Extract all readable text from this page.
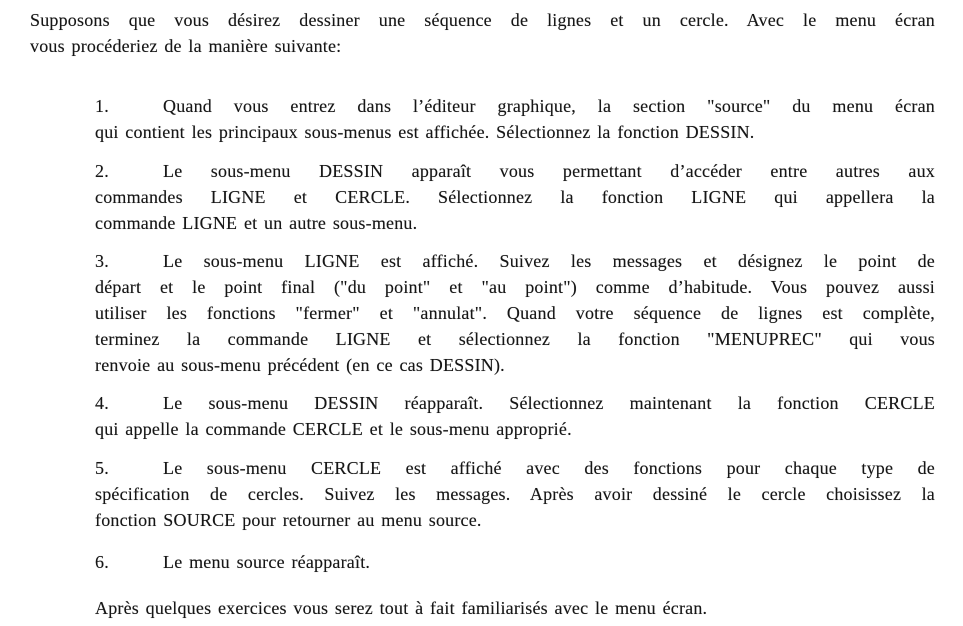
Supposons que vous désirez dessiner une séquence de lignes et un cercle. Avec le menu écran
vous procéderiez de la manière suivante:

1.	Quand vous entrez dans l’éditeur graphique, la section "source" du menu écran
qui contient les principaux sous-menus est affichée. Sélectionnez la fonction DESSIN.

2.	Le sous-menu DESSIN apparaît vous permettant d’accéder entre autres aux
commandes LIGNE et CERCLE. Sélectionnez la fonction LIGNE qui appellera la
commande LIGNE et un autre sous-menu.

3.	Le sous-menu LIGNE est affiché. Suivez les messages et désignez le point de
départ et le point final ("du point" et "au point") comme d’habitude. Vous pouvez aussi
utiliser les fonctions "fermer" et "annulat". Quand votre séquence de lignes est complète,
terminez la commande LIGNE et sélectionnez la fonction "MENUPREC" qui vous
renvoie au sous-menu précédent (en ce cas DESSIN).

4.	Le sous-menu DESSIN réapparaît. Sélectionnez maintenant la fonction CERCLE
qui appelle la commande CERCLE et le sous-menu approprié.

5.	Le sous-menu CERCLE est affiché avec des fonctions pour chaque type de
spécification de cercles. Suivez les messages. Après avoir dessiné le cercle choisissez la
fonction SOURCE pour retourner au menu source.

6.	Le menu source réapparaît.

Après quelques exercices vous serez tout à fait familiarisés avec le menu écran.
